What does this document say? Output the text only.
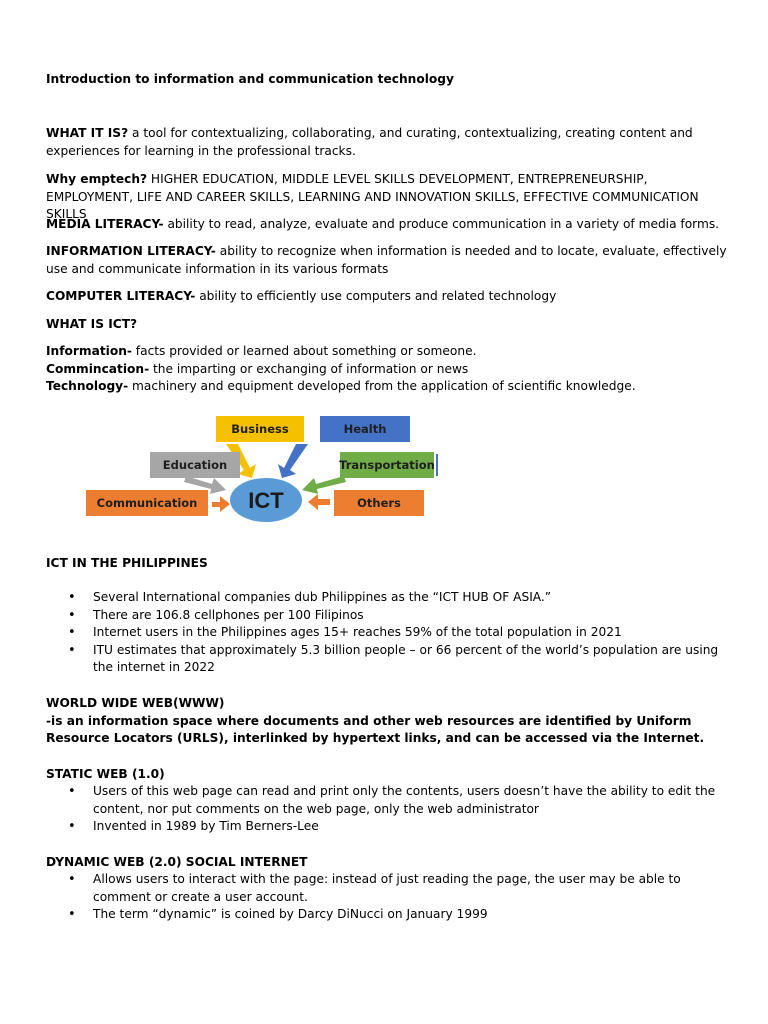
Introduction to information and communication technology

WHAT IT IS? a tool for contextualizing, collaborating, and curating, contextualizing, creating content and experiences for learning in the professional tracks.

Why emptech? HIGHER EDUCATION, MIDDLE LEVEL SKILLS DEVELOPMENT, ENTREPRENEURSHIP, EMPLOYMENT, LIFE AND CAREER SKILLS, LEARNING AND INNOVATION SKILLS, EFFECTIVE COMMUNICATION SKILLS

MEDIA LITERACY- ability to read, analyze, evaluate and produce communication in a variety of media forms.

INFORMATION LITERACY- ability to recognize when information is needed and to locate, evaluate, effectively use and communicate information in its various formats

COMPUTER LITERACY- ability to efficiently use computers and related technology

WHAT IS ICT?

Information- facts provided or learned about something or someone.

Commincation- the imparting or exchanging of information or news

Technology- machinery and equipment developed from the application of scientific knowledge.

Business	Health
Education	Transportation
Communication	Others
ICT

ICT IN THE PHILIPPINES

• Several International companies dub Philippines as the “ICT HUB OF ASIA.”
• There are 106.8 cellphones per 100 Filipinos
• Internet users in the Philippines ages 15+ reaches 59% of the total population in 2021
• ITU estimates that approximately 5.3 billion people – or 66 percent of the world’s population are using the internet in 2022

WORLD WIDE WEB(WWW)

-is an information space where documents and other web resources are identified by Uniform Resource Locators (URLS), interlinked by hypertext links, and can be accessed via the Internet.

STATIC WEB (1.0)

• Users of this web page can read and print only the contents, users doesn’t have the ability to edit the content, nor put comments on the web page, only the web administrator
• Invented in 1989 by Tim Berners-Lee

DYNAMIC WEB (2.0) SOCIAL INTERNET

• Allows users to interact with the page: instead of just reading the page, the user may be able to comment or create a user account.
• The term “dynamic” is coined by Darcy DiNucci on January 1999
